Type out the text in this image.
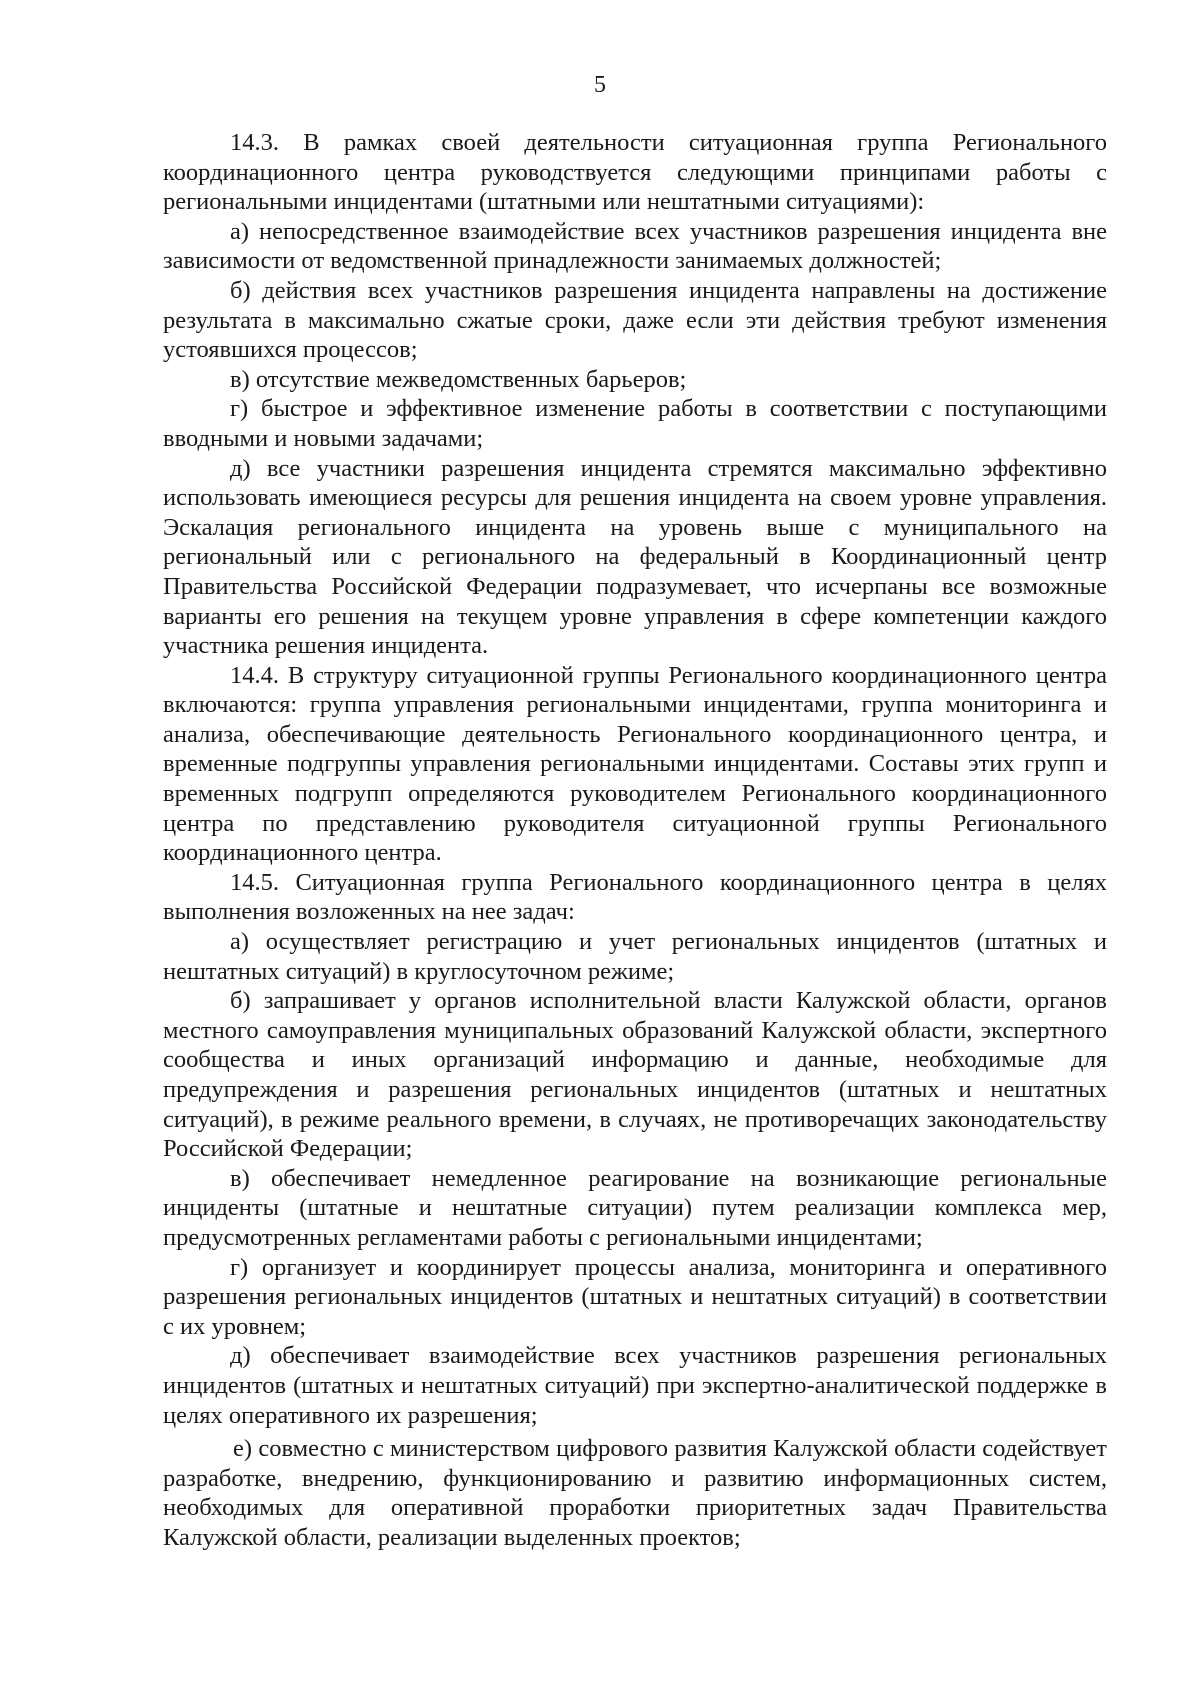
5

14.3. В рамках своей деятельности ситуационная группа Регионального координационного центра руководствуется следующими принципами работы с региональными инцидентами (штатными или нештатными ситуациями):

а) непосредственное взаимодействие всех участников разрешения инцидента вне зависимости от ведомственной принадлежности занимаемых должностей;

б) действия всех участников разрешения инцидента направлены на достижение результата в максимально сжатые сроки, даже если эти действия требуют изменения устоявшихся процессов;

в) отсутствие межведомственных барьеров;

г) быстрое и эффективное изменение работы в соответствии с поступающими вводными и новыми задачами;

д) все участники разрешения инцидента стремятся максимально эффективно использовать имеющиеся ресурсы для решения инцидента на своем уровне управления. Эскалация регионального инцидента на уровень выше с муниципального на региональный или с регионального на федеральный в Координационный центр Правительства Российской Федерации подразумевает, что исчерпаны все возможные варианты его решения на текущем уровне управления в сфере компетенции каждого участника решения инцидента.

14.4. В структуру ситуационной группы Регионального координационного центра включаются: группа управления региональными инцидентами, группа мониторинга и анализа, обеспечивающие деятельность Регионального координационного центра, и временные подгруппы управления региональными инцидентами. Составы этих групп и временных подгрупп определяются руководителем Регионального координационного центра по представлению руководителя ситуационной группы Регионального координационного центра.

14.5. Ситуационная группа Регионального координационного центра в целях выполнения возложенных на нее задач:

а) осуществляет регистрацию и учет региональных инцидентов (штатных и нештатных ситуаций) в круглосуточном режиме;

б) запрашивает у органов исполнительной власти Калужской области, органов местного самоуправления муниципальных образований Калужской области, экспертного сообщества и иных организаций информацию и данные, необходимые для предупреждения и разрешения региональных инцидентов (штатных и нештатных ситуаций), в режиме реального времени, в случаях, не противоречащих законодательству Российской Федерации;

в) обеспечивает немедленное реагирование на возникающие региональные инциденты (штатные и нештатные ситуации) путем реализации комплекса мер, предусмотренных регламентами работы с региональными инцидентами;

г) организует и координирует процессы анализа, мониторинга и оперативного разрешения региональных инцидентов (штатных и нештатных ситуаций) в соответствии с их уровнем;

д) обеспечивает взаимодействие всех участников разрешения региональных инцидентов (штатных и нештатных ситуаций) при экспертно-аналитической поддержке в целях оперативного их разрешения;

е) совместно с министерством цифрового развития Калужской области содействует разработке, внедрению, функционированию и развитию информационных систем, необходимых для оперативной проработки приоритетных задач Правительства Калужской области, реализации выделенных проектов;
